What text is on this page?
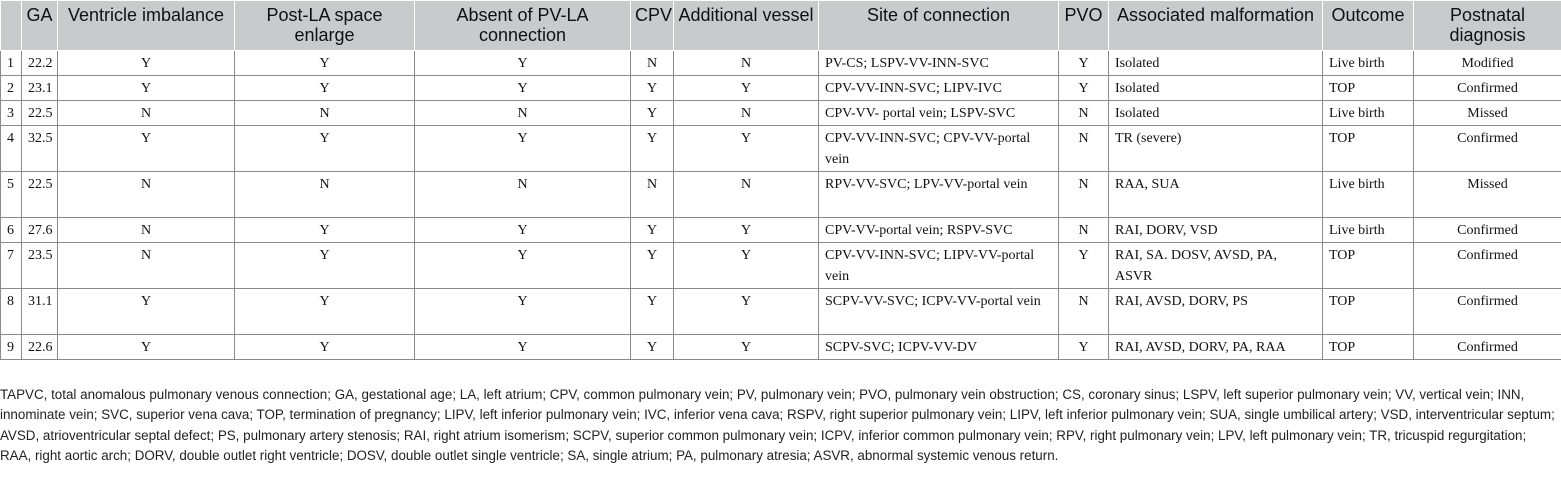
	GA	Ventricle imbalance	Post-LA space enlarge	Absent of PV-LA connection	CPV	Additional vessel	Site of connection	PVO	Associated malformation	Outcome	Postnatal diagnosis
1	22.2	Y	Y	Y	N	N	PV-CS; LSPV-VV-INN-SVC	Y	Isolated	Live birth	Modified
2	23.1	Y	Y	Y	Y	Y	CPV-VV-INN-SVC; LIPV-IVC	Y	Isolated	TOP	Confirmed
3	22.5	N	N	N	Y	N	CPV-VV- portal vein; LSPV-SVC	N	Isolated	Live birth	Missed
4	32.5	Y	Y	Y	Y	Y	CPV-VV-INN-SVC; CPV-VV-portal vein	N	TR (severe)	TOP	Confirmed
5	22.5	N	N	N	N	N	RPV-VV-SVC; LPV-VV-portal vein	N	RAA, SUA	Live birth	Missed
6	27.6	N	Y	Y	Y	Y	CPV-VV-portal vein; RSPV-SVC	N	RAI, DORV, VSD	Live birth	Confirmed
7	23.5	N	Y	Y	Y	Y	CPV-VV-INN-SVC; LIPV-VV-portal vein	Y	RAI, SA. DOSV, AVSD, PA, ASVR	TOP	Confirmed
8	31.1	Y	Y	Y	Y	Y	SCPV-VV-SVC; ICPV-VV-portal vein	N	RAI, AVSD, DORV, PS	TOP	Confirmed
9	22.6	Y	Y	Y	Y	Y	SCPV-SVC; ICPV-VV-DV	Y	RAI, AVSD, DORV, PA, RAA	TOP	Confirmed

TAPVC, total anomalous pulmonary venous connection; GA, gestational age; LA, left atrium; CPV, common pulmonary vein; PV, pulmonary vein; PVO, pulmonary vein obstruction; CS, coronary sinus; LSPV, left superior pulmonary vein; VV, vertical vein; INN, innominate vein; SVC, superior vena cava; TOP, termination of pregnancy; LIPV, left inferior pulmonary vein; IVC, inferior vena cava; RSPV, right superior pulmonary vein; LIPV, left inferior pulmonary vein; SUA, single umbilical artery; VSD, interventricular septum; AVSD, atrioventricular septal defect; PS, pulmonary artery stenosis; RAI, right atrium isomerism; SCPV, superior common pulmonary vein; ICPV, inferior common pulmonary vein; RPV, right pulmonary vein; LPV, left pulmonary vein; TR, tricuspid regurgitation; RAA, right aortic arch; DORV, double outlet right ventricle; DOSV, double outlet single ventricle; SA, single atrium; PA, pulmonary atresia; ASVR, abnormal systemic venous return.
